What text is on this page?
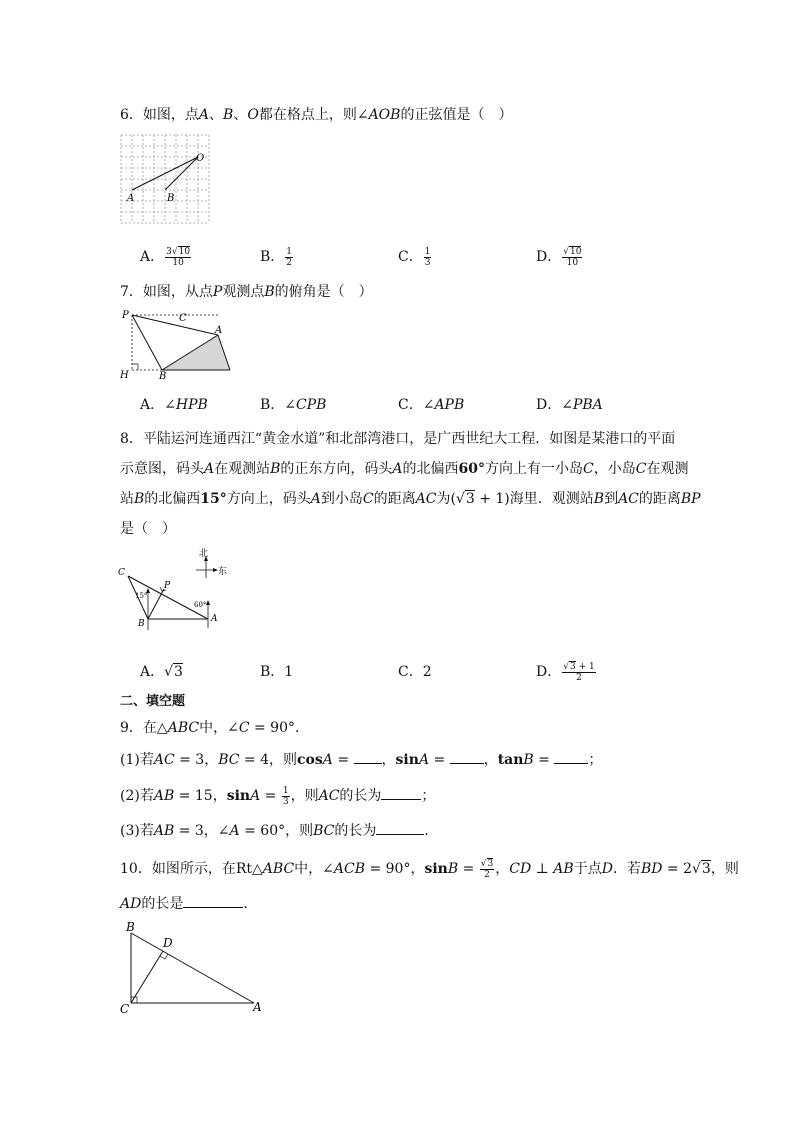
6．如图，点A、B、O都在格点上，则∠AOB的正弦值是（　）
O
A	B
A． $\frac{3√10}{10}$	B． $\frac{1}{2}$	C． $\frac{1}{3}$	D． $\frac{√10}{10}$
7．如图，从点P观测点B的俯角是（　）
P	C
A
H	B
A．∠HPB	B．∠CPB	C．∠APB	D．∠PBA
8．平陆运河连通西江“黄金水道”和北部湾港口，是广西世纪大工程．如图是某港口的平面
示意图，码头A在观测站B的正东方向，码头A的北偏西60°方向上有一小岛C，小岛C在观测
站B的北偏西15°方向上，码头A到小岛C的距离AC为(√3 + 1)海里．观测站B到AC的距离BP
是（　）
北
东
C
P
B	A
15°
60°
A．√3	B．1	C．2	D． $\frac{√3 + 1}{2}$
二、填空题
9．在△ABC中，∠C = 90°．
(1)若AC = 3，BC = 4，则cosA = ，sinA = ，tanB = ；
(2)若AB = 15，$\sin A = \frac{1}{3}$ ，则AC的长为	；
(3)若AB = 3，∠A = 60°，则BC的长为	．
10．如图所示，在Rt△ABC中，∠ACB = 90°，$\sin B = \frac{√3}{2}$ ，CD ⊥ AB于点D．若BD = 2√3，则
AD的长是	．
B
D
C	A
